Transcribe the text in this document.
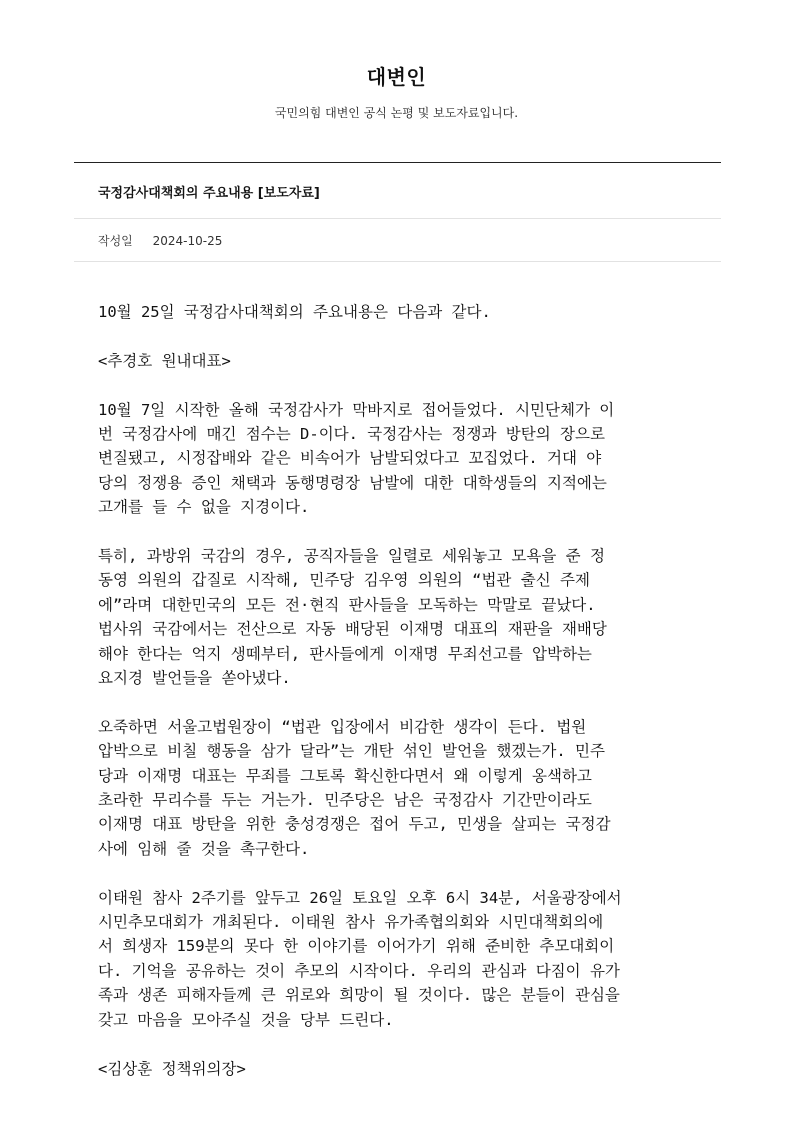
대변인
국민의힘 대변인 공식 논평 및 보도자료입니다.
국정감사대책회의 주요내용 [보도자료]
작성일 2024-10-25

10월 25일 국정감사대책회의 주요내용은 다음과 같다.

<추경호 원내대표>

10월 7일 시작한 올해 국정감사가 막바지로 접어들었다. 시민단체가 이
번 국정감사에 매긴 점수는 D-이다. 국정감사는 정쟁과 방탄의 장으로
변질됐고, 시정잡배와 같은 비속어가 남발되었다고 꼬집었다. 거대 야
당의 정쟁용 증인 채택과 동행명령장 남발에 대한 대학생들의 지적에는
고개를 들 수 없을 지경이다.

특히, 과방위 국감의 경우, 공직자들을 일렬로 세워놓고 모욕을 준 정
동영 의원의 갑질로 시작해, 민주당 김우영 의원의 “법관 출신 주제
에”라며 대한민국의 모든 전·현직 판사들을 모독하는 막말로 끝났다.
법사위 국감에서는 전산으로 자동 배당된 이재명 대표의 재판을 재배당
해야 한다는 억지 생떼부터, 판사들에게 이재명 무죄선고를 압박하는
요지경 발언들을 쏟아냈다.

오죽하면 서울고법원장이 “법관 입장에서 비감한 생각이 든다. 법원
압박으로 비칠 행동을 삼가 달라”는 개탄 섞인 발언을 했겠는가. 민주
당과 이재명 대표는 무죄를 그토록 확신한다면서 왜 이렇게 옹색하고
초라한 무리수를 두는 거는가. 민주당은 남은 국정감사 기간만이라도
이재명 대표 방탄을 위한 충성경쟁은 접어 두고, 민생을 살피는 국정감
사에 임해 줄 것을 촉구한다.

이태원 참사 2주기를 앞두고 26일 토요일 오후 6시 34분, 서울광장에서
시민추모대회가 개최된다. 이태원 참사 유가족협의회와 시민대책회의에
서 희생자 159분의 못다 한 이야기를 이어가기 위해 준비한 추모대회이
다. 기억을 공유하는 것이 추모의 시작이다. 우리의 관심과 다짐이 유가
족과 생존 피해자들께 큰 위로와 희망이 될 것이다. 많은 분들이 관심을
갖고 마음을 모아주실 것을 당부 드린다.

<김상훈 정책위의장>
